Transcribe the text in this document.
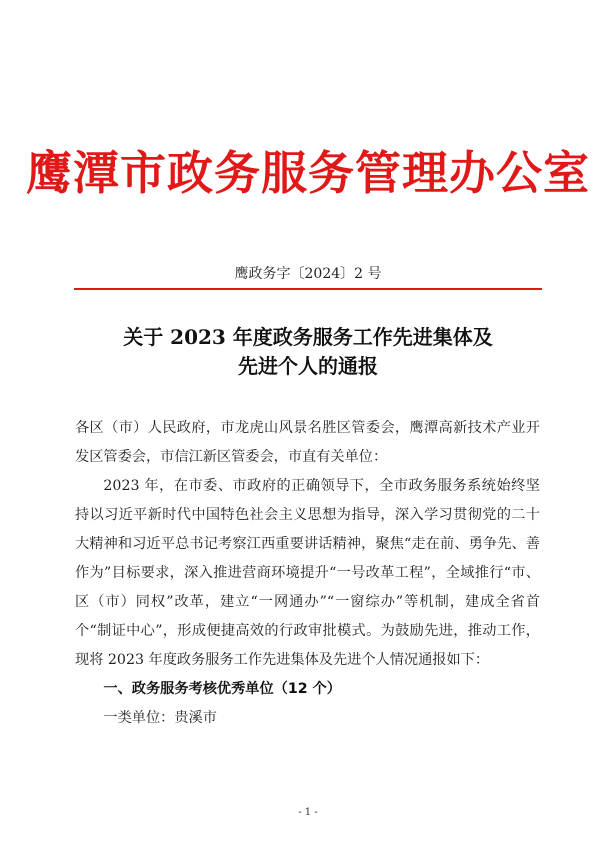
鹰潭市政务服务管理办公室
鹰政务字〔2024〕2 号
关于 2023 年度政务服务工作先进集体及
先进个人的通报

各区（市）人民政府，市龙虎山风景名胜区管委会，鹰潭高新技术产业开发区管委会，市信江新区管委会，市直有关单位：

2023 年，在市委、市政府的正确领导下，全市政务服务系统始终坚持以习近平新时代中国特色社会主义思想为指导，深入学习贯彻党的二十大精神和习近平总书记考察江西重要讲话精神，聚焦“走在前、勇争先、善作为”目标要求，深入推进营商环境提升“一号改革工程”，全域推行“市、区（市）同权”改革，建立“一网通办”“一窗综办”等机制，建成全省首个“制证中心”，形成便捷高效的行政审批模式。为鼓励先进，推动工作，现将 2023 年度政务服务工作先进集体及先进个人情况通报如下：

一、政务服务考核优秀单位（12 个）

一类单位：贵溪市

- 1 -
